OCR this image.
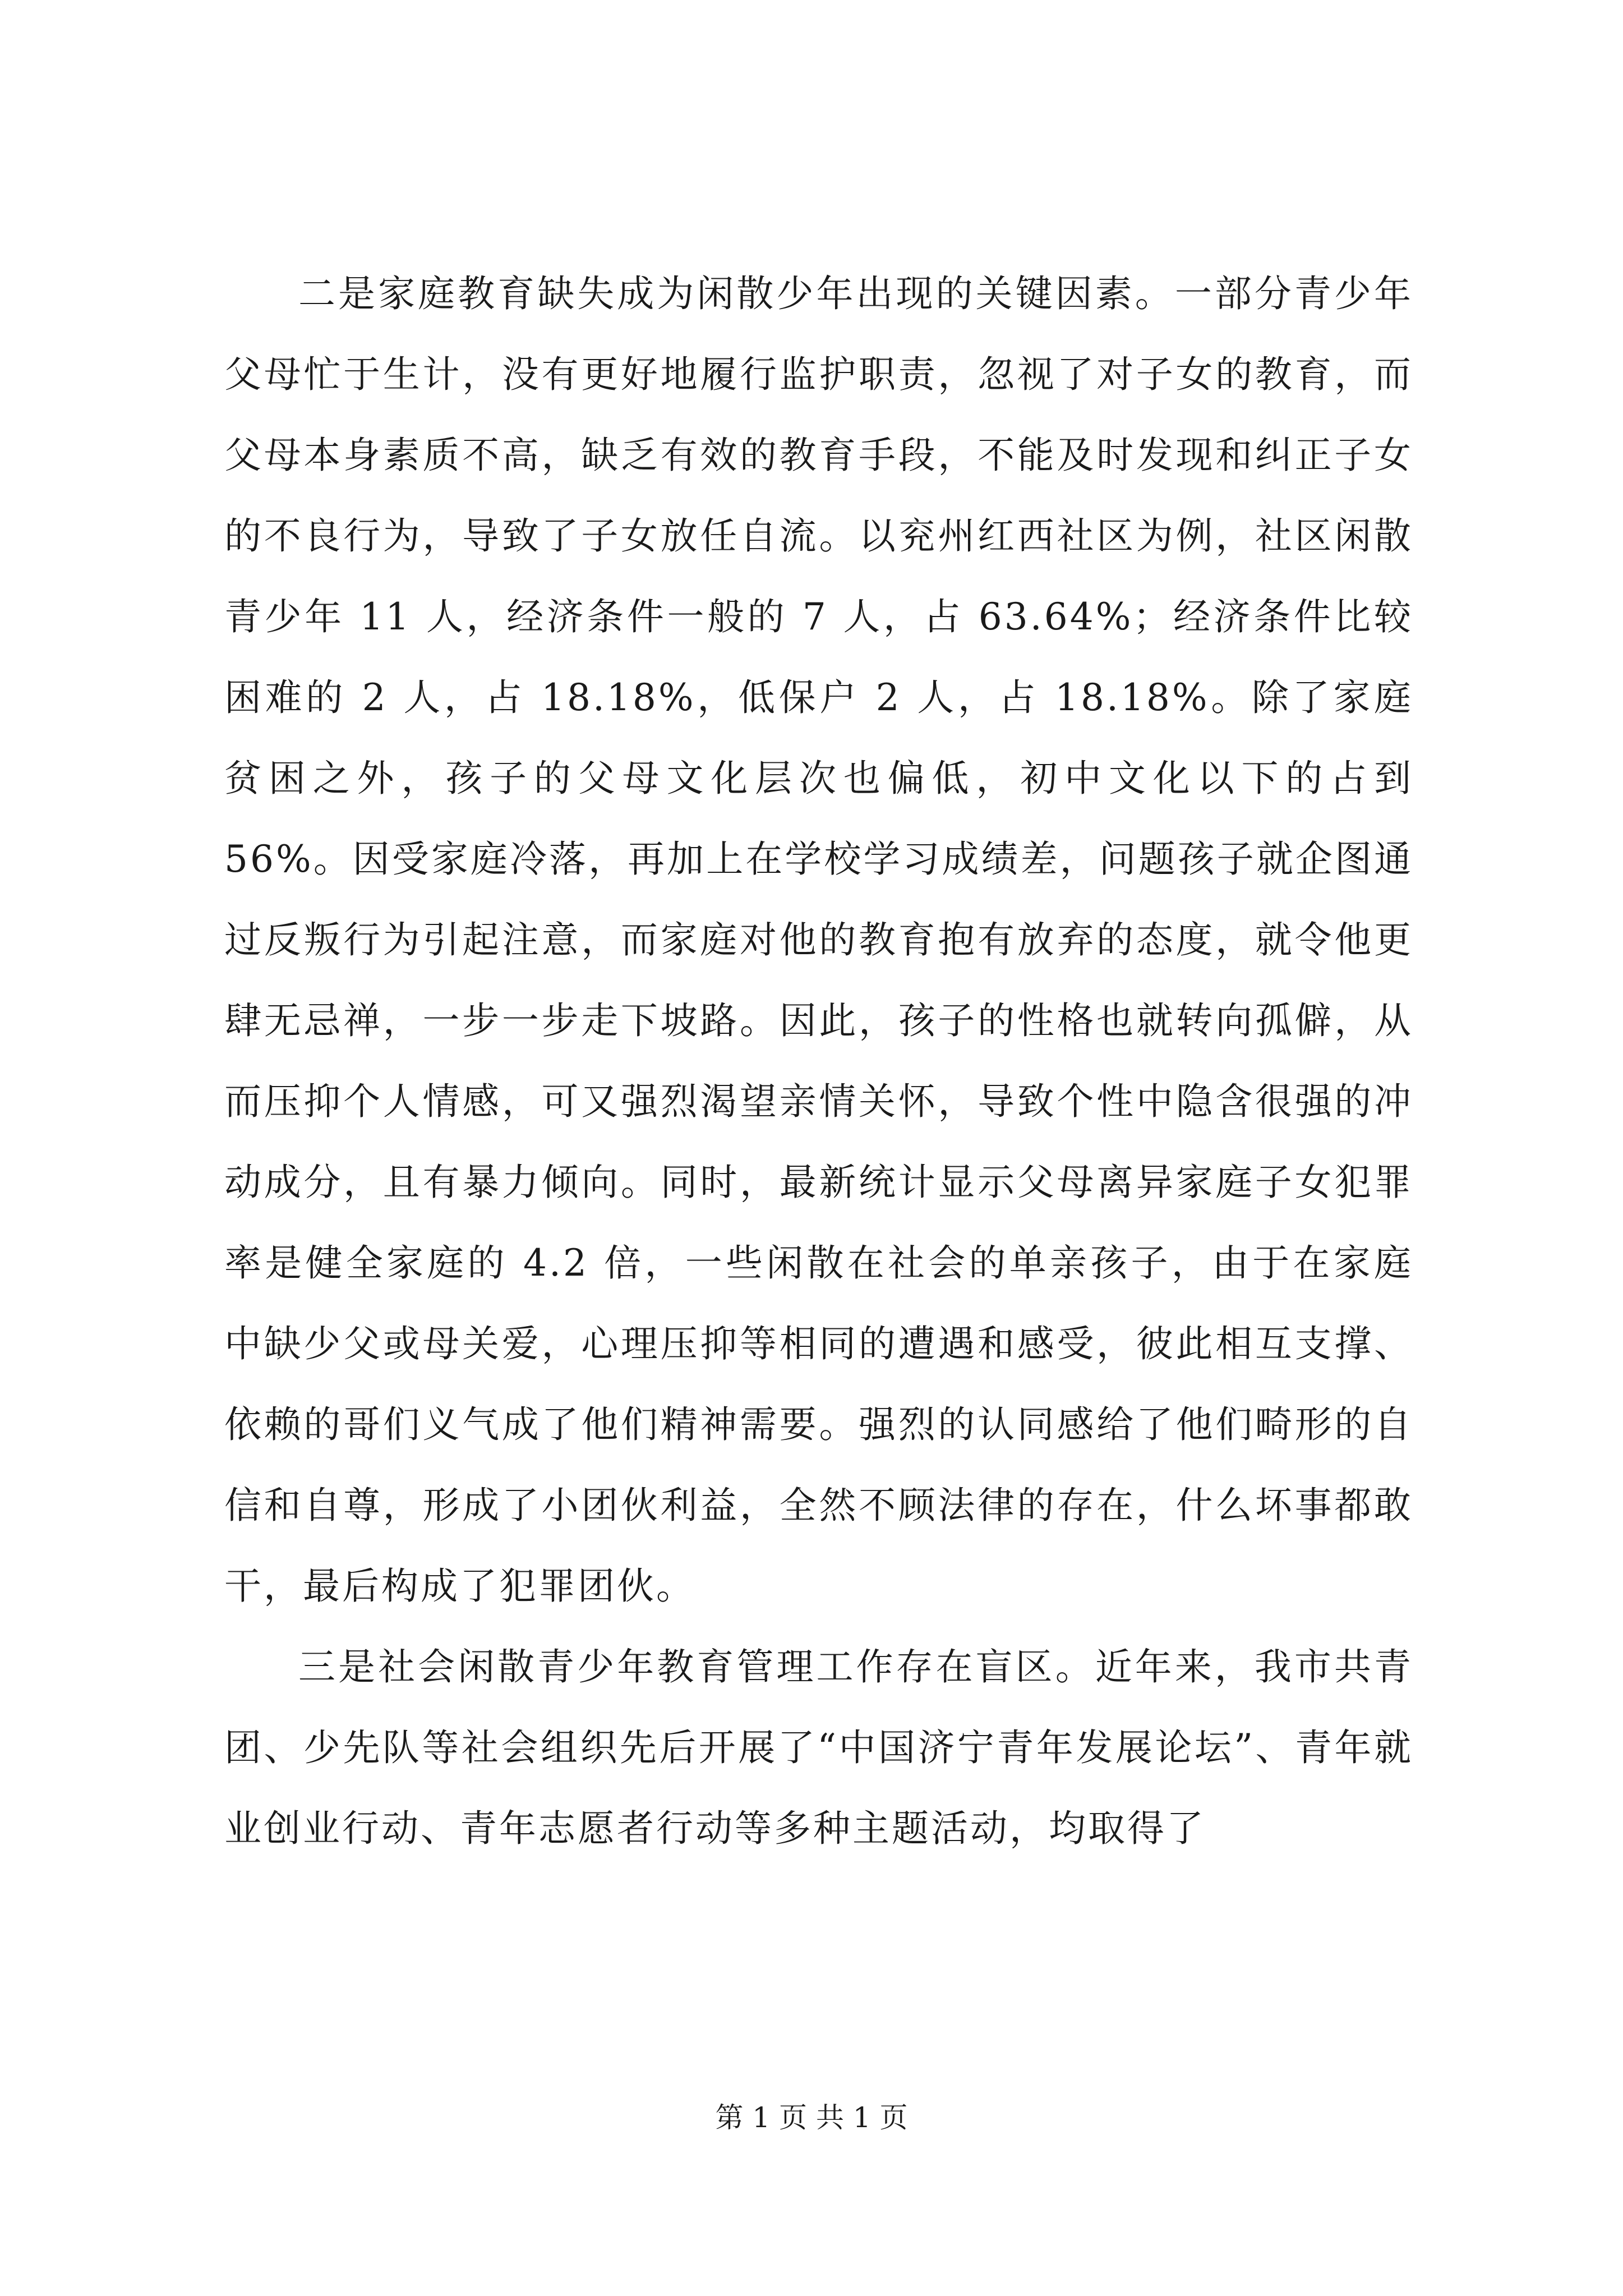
二是家庭教育缺失成为闲散少年出现的关键因素。一部分青少年父母忙于生计，没有更好地履行监护职责，忽视了对子女的教育，而父母本身素质不高，缺乏有效的教育手段，不能及时发现和纠正子女的不良行为，导致了子女放任自流。以兖州红西社区为例，社区闲散青少年 11 人，经济条件一般的 7 人，占 63.64%；经济条件比较困难的 2 人，占 18.18%，低保户 2 人，占 18.18%。除了家庭贫困之外，孩子的父母文化层次也偏低，初中文化以下的占到 56%。因受家庭冷落，再加上在学校学习成绩差，问题孩子就企图通过反叛行为引起注意，而家庭对他的教育抱有放弃的态度，就令他更肆无忌禅，一步一步走下坡路。因此，孩子的性格也就转向孤僻，从而压抑个人情感，可又强烈渴望亲情关怀，导致个性中隐含很强的冲动成分，且有暴力倾向。同时，最新统计显示父母离异家庭子女犯罪率是健全家庭的 4.2 倍，一些闲散在社会的单亲孩子，由于在家庭中缺少父或母关爱，心理压抑等相同的遭遇和感受，彼此相互支撑、依赖的哥们义气成了他们精神需要。强烈的认同感给了他们畸形的自信和自尊，形成了小团伙利益，全然不顾法律的存在，什么坏事都敢干，最后构成了犯罪团伙。

三是社会闲散青少年教育管理工作存在盲区。近年来，我市共青团、少先队等社会组织先后开展了“中国济宁青年发展论坛”、青年就业创业行动、青年志愿者行动等多种主题活动，均取得了

第 1 页 共 1 页
